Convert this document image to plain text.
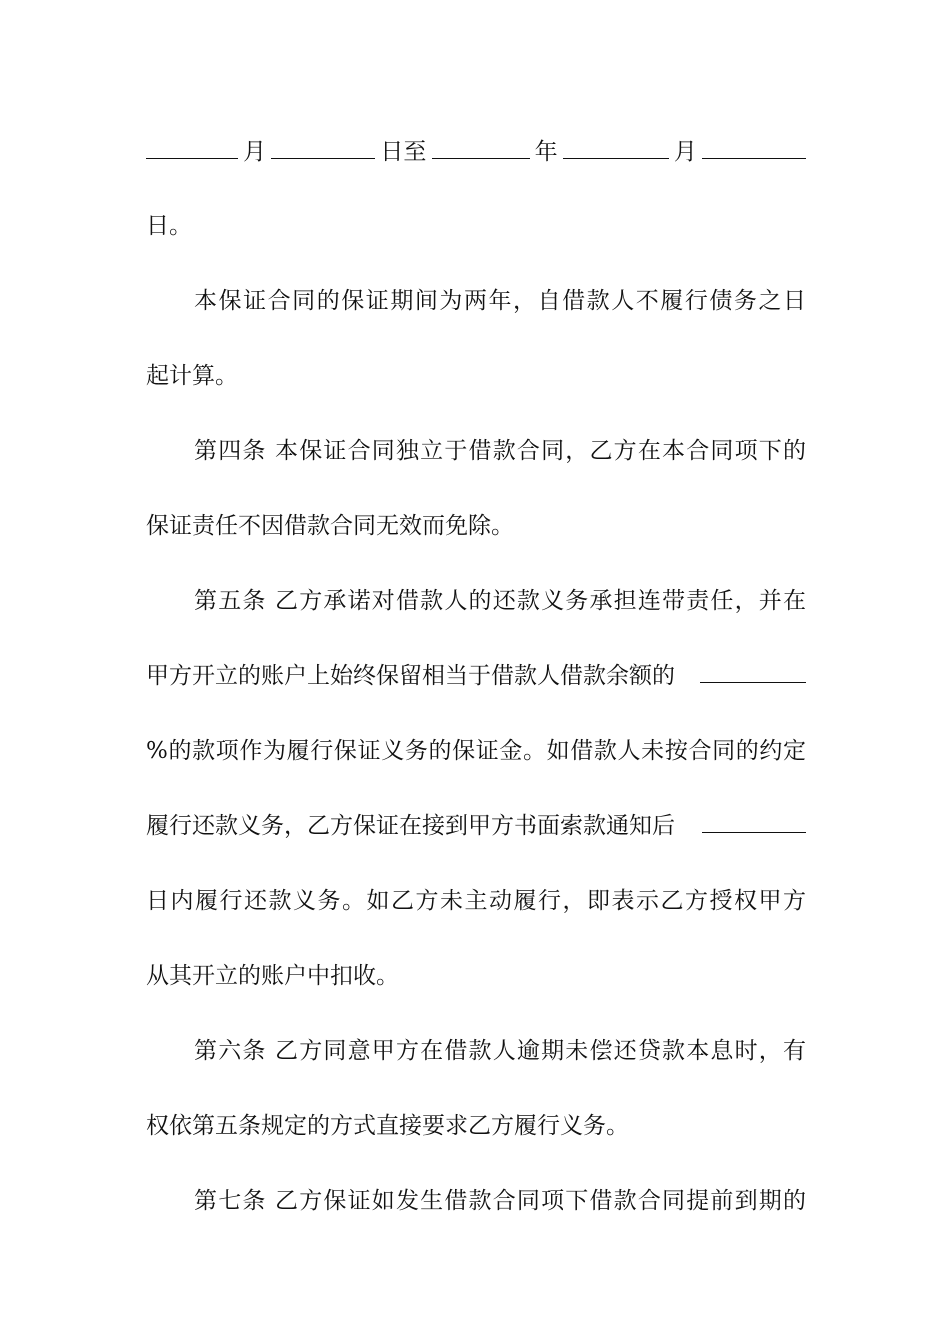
月	日至	年	月
日。
本保证合同的保证期间为两年，自借款人不履行债务之日
起计算。
第四条 本保证合同独立于借款合同，乙方在本合同项下的
保证责任不因借款合同无效而免除。
第五条 乙方承诺对借款人的还款义务承担连带责任，并在
甲方开立的账户上始终保留相当于借款人借款余额的
%的款项作为履行保证义务的保证金。如借款人未按合同的约定
履行还款义务，乙方保证在接到甲方书面索款通知后
日内履行还款义务。如乙方未主动履行，即表示乙方授权甲方
从其开立的账户中扣收。
第六条 乙方同意甲方在借款人逾期未偿还贷款本息时，有
权依第五条规定的方式直接要求乙方履行义务。
第七条 乙方保证如发生借款合同项下借款合同提前到期的
